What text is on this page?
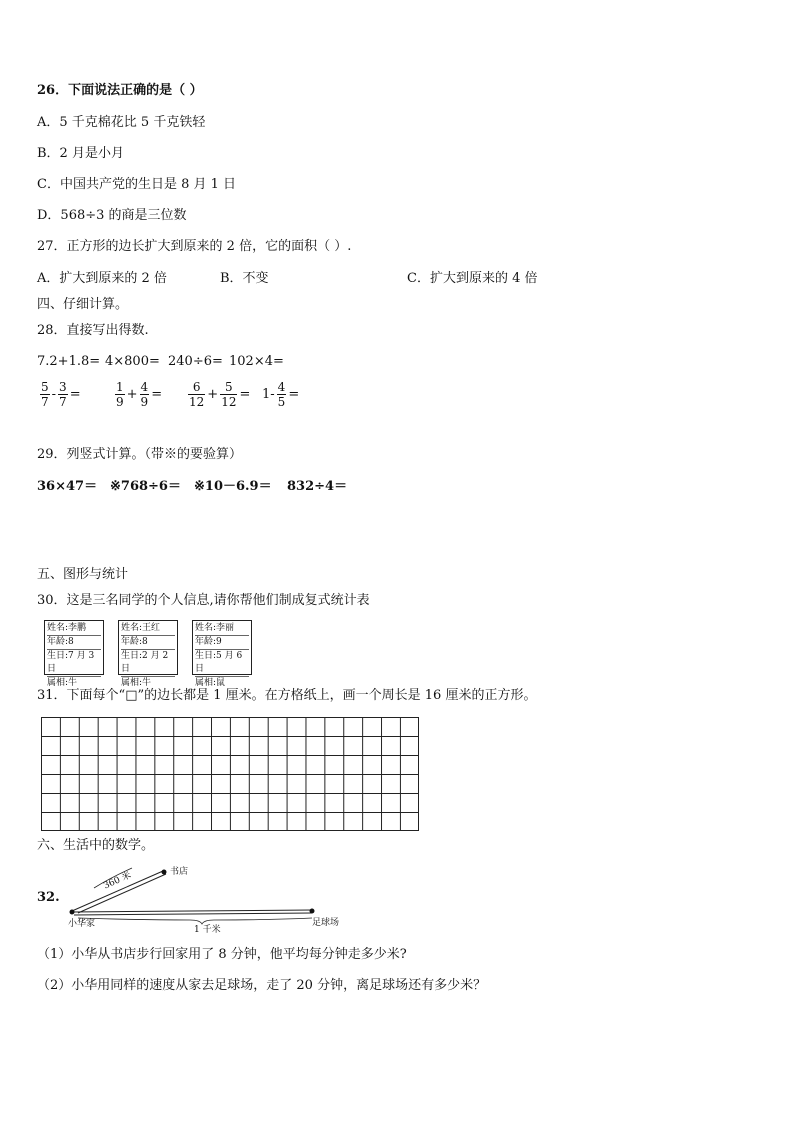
26．下面说法正确的是（ ）
A．5 千克棉花比 5 千克铁轻
B．2 月是小月
C．中国共产党的生日是 8 月 1 日
D．568÷3 的商是三位数
27．正方形的边长扩大到原来的 2 倍，它的面积（ ）.
A．扩大到原来的 2 倍	B．不变	C．扩大到原来的 4 倍
四、仔细计算。
28．直接写出得数.
7.2+1.8= 4×800= 240÷6= 102×4=
5
7 - 3
7 =	1
9 + 4
9 =	6
12 + 5
12 = 1- 4
5 =
29．列竖式计算。（带※的要验算）
36×47＝ ※768÷6＝ ※10－6.9＝ 832÷4＝
五、图形与统计
30．这是三名同学的个人信息,请你帮他们制成复式统计表
姓名:李鹏
年龄:8
生日:7 月 3 日
属相:牛
姓名:王红
年龄:8
生日:2 月 2 日
属相:牛
姓名:李丽
年龄:9
生日:5 月 6 日
属相:鼠
31．下面每个“□”的边长都是 1 厘米。在方格纸上，画一个周长是 16 厘米的正方形。
六、生活中的数学。
32.
书店
360 米
小华家
1 千米
足球场
（1）小华从书店步行回家用了 8 分钟，他平均每分钟走多少米?
（2）小华用同样的速度从家去足球场，走了 20 分钟，离足球场还有多少米？
